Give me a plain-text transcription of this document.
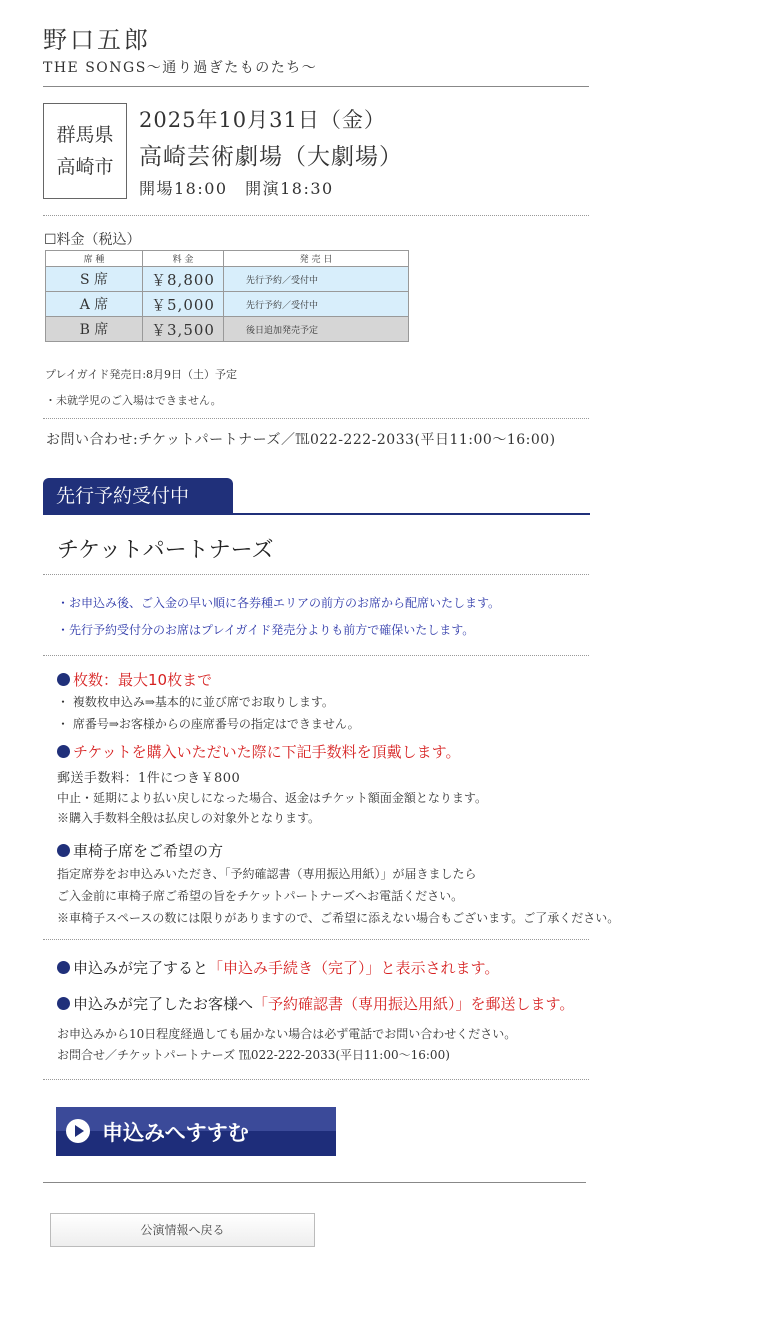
野口五郎
THE SONGS〜通り過ぎたものたち〜
群馬県
高崎市
2025年10月31日（金）
高崎芸術劇場（大劇場）
開場18:00　開演18:30
☐料金（税込）
席 種	料 金	発 売 日
S 席	￥8,800	先行予約／受付中
A 席	￥5,000	先行予約／受付中
B 席	￥3,500	後日追加発売予定
プレイガイド発売日:8月9日（土）予定
・未就学児のご入場はできません。
お問い合わせ:チケットパートナーズ／℡022-222-2033(平日11:00〜16:00)
先行予約受付中
チケットパートナーズ
・お申込み後、ご入金の早い順に各券種エリアの前方のお席から配席いたします。
・先行予約受付分のお席はプレイガイド発売分よりも前方で確保いたします。
枚数：最大10枚まで
・ 複数枚申込み⇒基本的に並び席でお取りします。
・ 席番号⇒お客様からの座席番号の指定はできません。
チケットを購入いただいた際に下記手数料を頂戴します。
郵送手数料：1件につき￥800
中止・延期により払い戻しになった場合、返金はチケット額面金額となります。
※購入手数料全般は払戻しの対象外となります。
車椅子席をご希望の方
指定席券をお申込みいただき、「予約確認書（専用振込用紙）」が届きましたら
ご入金前に車椅子席ご希望の旨をチケットパートナーズへお電話ください。
※車椅子スペースの数には限りがありますので、ご希望に添えない場合もございます。ご了承ください。
申込みが完了すると 「申込み手続き（完了）」と表示されます。
申込みが完了したお客様へ 「予約確認書（専用振込用紙）」を郵送します。
お申込みから10日程度経過しても届かない場合は必ず電話でお問い合わせください。
お問合せ／チケットパートナーズ ℡022-222-2033(平日11:00〜16:00)
申込みへすすむ
公演情報へ戻る
